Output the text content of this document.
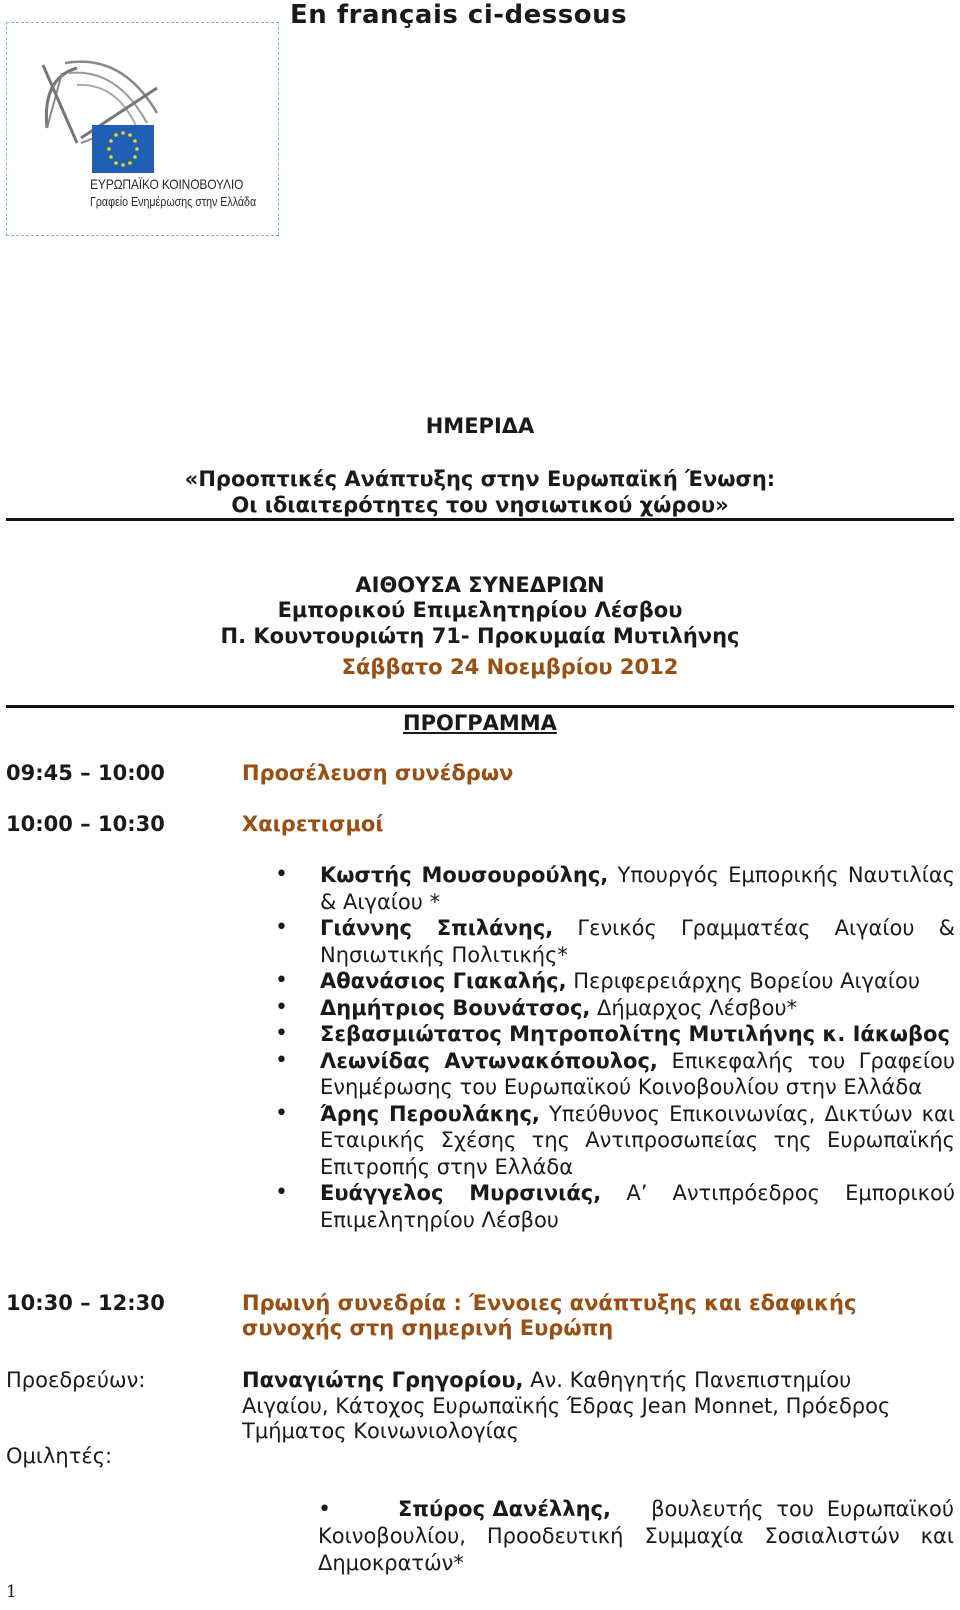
En français ci-dessous
ΕΥΡΩΠΑΪΚΟ ΚΟΙΝΟΒΟΥΛΙΟ
Γραφείο Ενημέρωσης στην Ελλάδα
ΗΜΕΡΙΔΑ
«Προοπτικές Ανάπτυξης στην Ευρωπαϊκή Ένωση:
Οι ιδιαιτερότητες του νησιωτικού χώρου»
ΑΙΘΟΥΣΑ ΣΥΝΕΔΡΙΩΝ
Εμπορικού Επιμελητηρίου Λέσβου
Π. Κουντουριώτη 71- Προκυμαία Μυτιλήνης
Σάββατο 24 Νοεμβρίου 2012
ΠΡΟΓΡΑΜΜΑ
09:45 – 10:00	Προσέλευση συνέδρων
10:00 – 10:30	Χαιρετισμοί
• Κωστής Μουσουρούλης, Υπουργός Εμπορικής Ναυτιλίας & Αιγαίου *
• Γιάννης Σπιλάνης, Γενικός Γραμματέας Αιγαίου & Νησιωτικής Πολιτικής*
• Αθανάσιος Γιακαλής, Περιφερειάρχης Βορείου Αιγαίου
• Δημήτριος Βουνάτσος, Δήμαρχος Λέσβου*
• Σεβασμιώτατος Μητροπολίτης Μυτιλήνης κ. Ιάκωβος
• Λεωνίδας Αντωνακόπουλος, Επικεφαλής του Γραφείου Ενημέρωσης του Ευρωπαϊκού Κοινοβουλίου στην Ελλάδα
• Άρης Περουλάκης, Υπεύθυνος Επικοινωνίας, Δικτύων και Εταιρικής Σχέσης της Αντιπροσωπείας της Ευρωπαϊκής Επιτροπής στην Ελλάδα
• Ευάγγελος Μυρσινιάς, Α’ Αντιπρόεδρος Εμπορικού Επιμελητηρίου Λέσβου
10:30 – 12:30	Πρωινή συνεδρία : Έννοιες ανάπτυξης και εδαφικής
συνοχής στη σημερινή Ευρώπη
Προεδρεύων:	Παναγιώτης Γρηγορίου, Αν. Καθηγητής Πανεπιστημίου
Αιγαίου, Κάτοχος Ευρωπαϊκής Έδρας Jean Monnet, Πρόεδρος
Τμήματος Κοινωνιολογίας
Ομιλητές:
•	Σπύρος Δανέλλης, βουλευτής του Ευρωπαϊκού
Κοινοβουλίου, Προοδευτική Συμμαχία Σοσιαλιστών και
Δημοκρατών*
1
